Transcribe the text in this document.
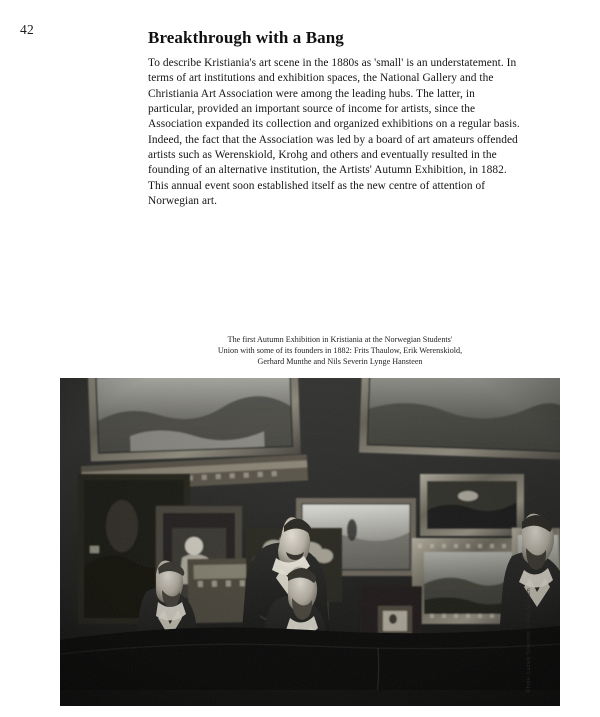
42	Breakthrough with a Bang

To describe Kristiania's art scene in the 1880s as 'small' is an understatement. In terms of art institutions and exhibition spaces, the National Gallery and the Christiania Art Association were among the leading hubs. The latter, in particular, provided an important source of income for artists, since the Association expanded its collection and organized exhibitions on a regular basis. Indeed, the fact that the Association was led by a board of art amateurs offended artists such as Werenskiold, Krohg and others and eventually resulted in the founding of an alternative institution, the Artists' Autumn Exhibition, in 1882. This annual event soon established itself as the new centre of attention of Norwegian art.

The first Autumn Exhibition in Kristiania at the Norwegian Students'
Union with some of its founders in 1882: Frits Thaulow, Erik Werenskiold,
Gerhard Munthe and Nils Severin Lynge Hansteen
Photo: Ludwik Szaciński © Oslo Museum
